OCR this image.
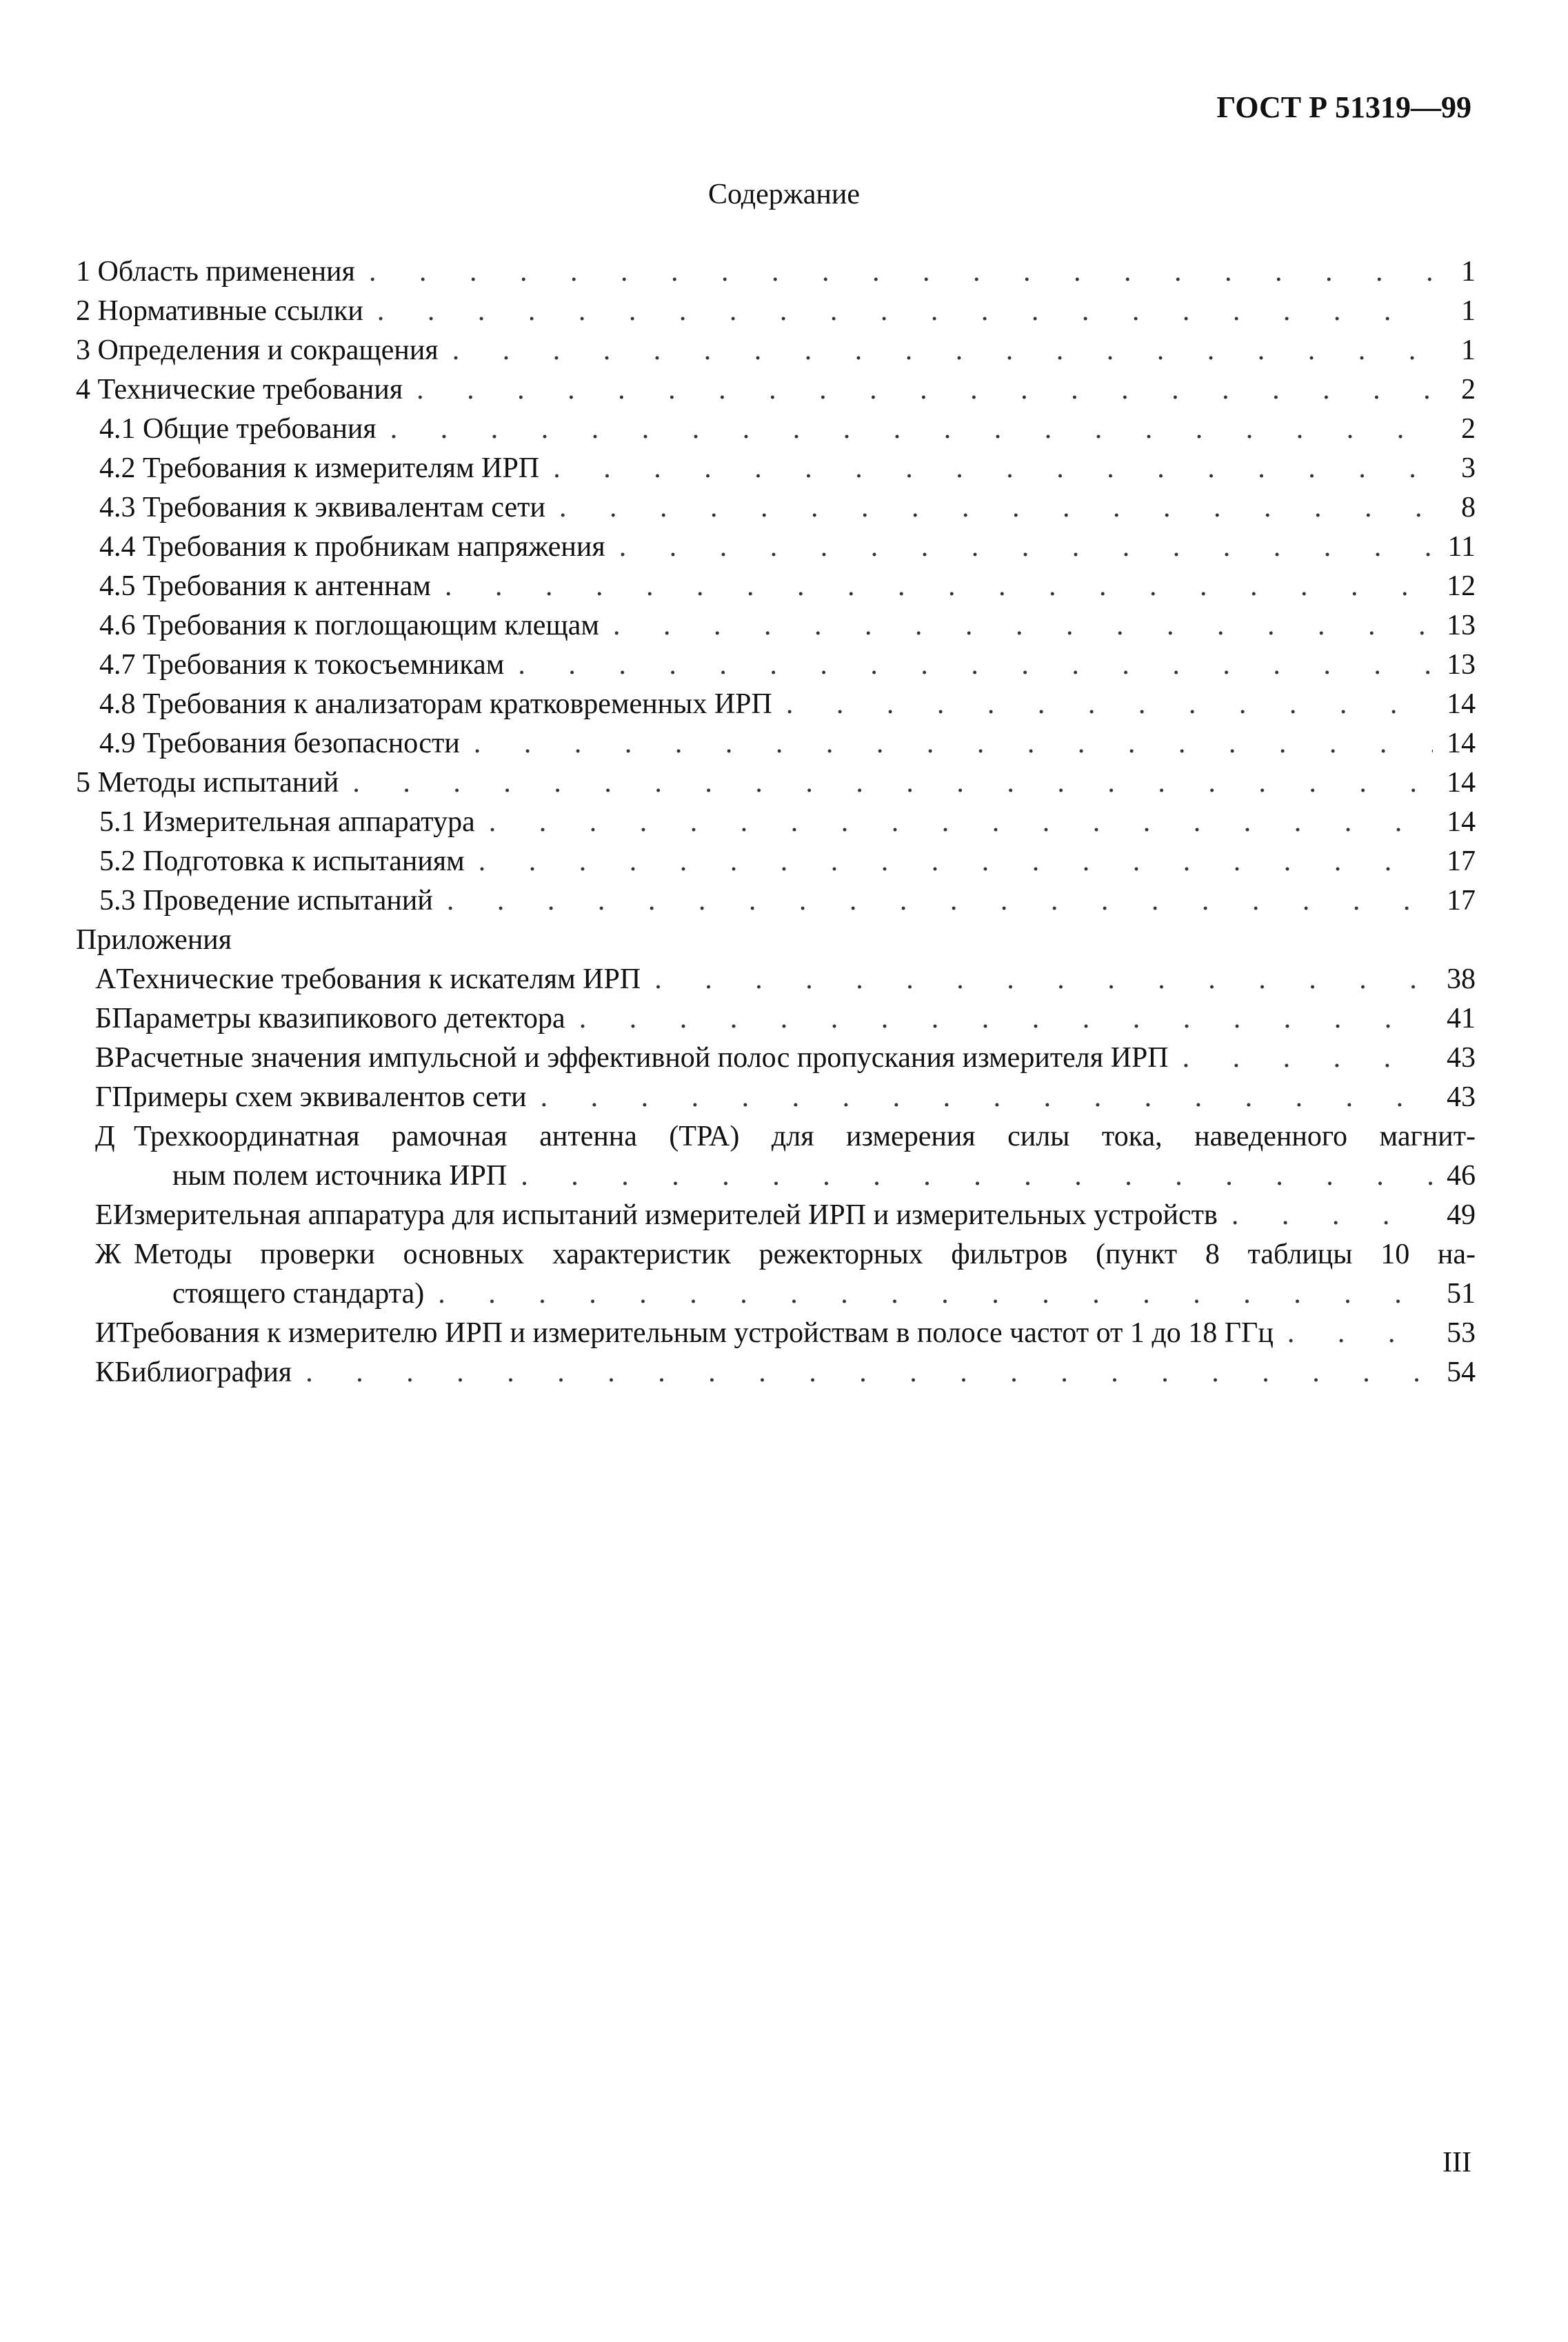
ГОСТ Р 51319—99
Содержание
1 Область применения . . .	1
2 Нормативные ссылки . . .	1
3 Определения и сокращения . . .	1
4 Технические требования . . .	2
4.1 Общие требования . . .	2
4.2 Требования к измерителям ИРП . . .	3
4.3 Требования к эквивалентам сети . . .	8
4.4 Требования к пробникам напряжения . . .	11
4.5 Требования к антеннам . . .	12
4.6 Требования к поглощающим клещам . . .	13
4.7 Требования к токосъемникам . . .	13
4.8 Требования к анализаторам кратковременных ИРП . . .	14
4.9 Требования безопасности . . .	14
5 Методы испытаний . . .	14
5.1 Измерительная аппаратура . . .	14
5.2 Подготовка к испытаниям . . .	17
5.3 Проведение испытаний . . .	17
Приложения
А Технические требования к искателям ИРП . . .	38
Б Параметры квазипикового детектора . . .	41
В Расчетные значения импульсной и эффективной полос пропускания измерителя ИРП . . .	43
Г Примеры схем эквивалентов сети . . .	43
Д Трехкоординатная рамочная антенна (ТРА) для измерения силы тока, наведенного магнит-
ным полем источника ИРП . . .	46
Е Измерительная аппаратура для испытаний измерителей ИРП и измерительных устройств . . .	49
Ж Методы проверки основных характеристик режекторных фильтров (пункт 8 таблицы 10 на-
стоящего стандарта) . . .	51
И Требования к измерителю ИРП и измерительным устройствам в полосе частот от 1 до 18 ГГц . . .	53
К Библиография . . .	54
III
